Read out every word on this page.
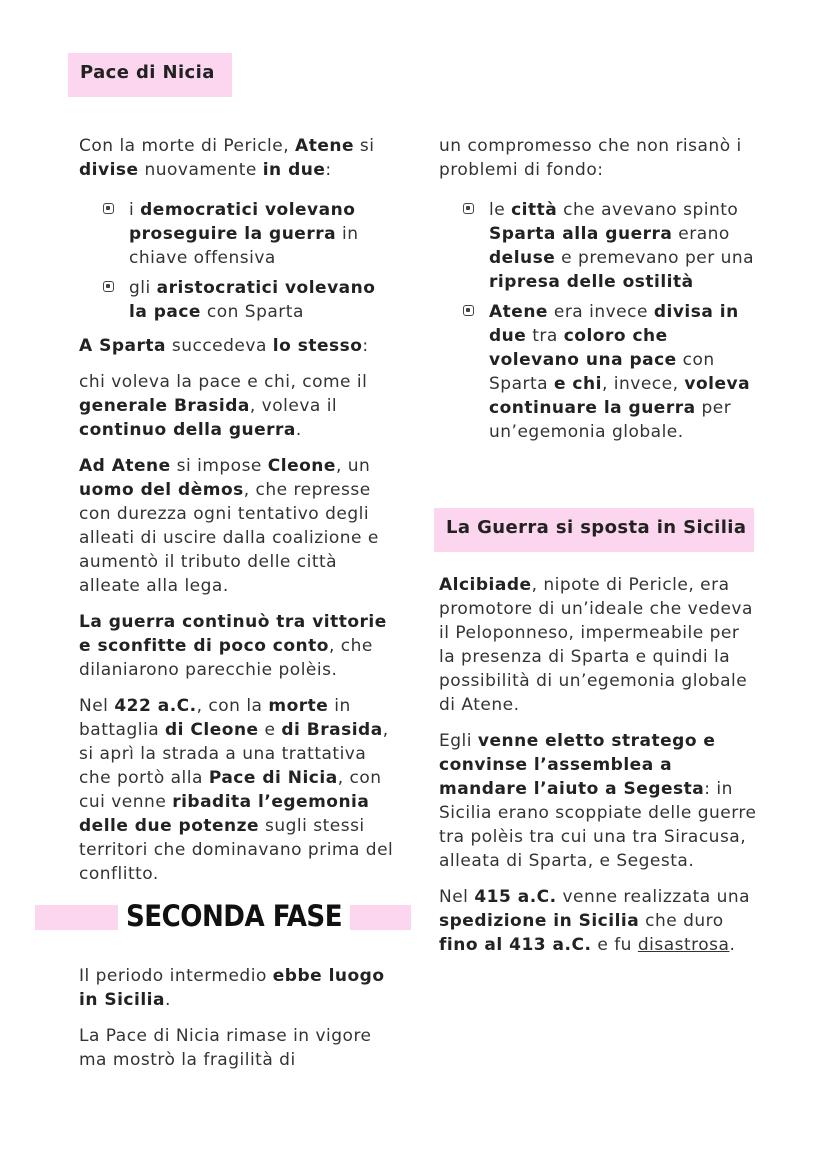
Pace di Nicia

Con la morte di Pericle, Atene si divise nuovamente in due:

i democratici volevano proseguire la guerra in chiave offensiva
gli aristocratici volevano la pace con Sparta

A Sparta succedeva lo stesso:

chi voleva la pace e chi, come il generale Brasida, voleva il continuo della guerra.

Ad Atene si impose Cleone, un uomo del dèmos, che represse con durezza ogni tentativo degli alleati di uscire dalla coalizione e aumentò il tributo delle città alleate alla lega.

La guerra continuò tra vittorie e sconfitte di poco conto, che dilaniarono parecchie polèis.

Nel 422 a.C., con la morte in battaglia di Cleone e di Brasida, si aprì la strada a una trattativa che portò alla Pace di Nicia, con cui venne ribadita l’egemonia delle due potenze sugli stessi territori che dominavano prima del conflitto.

SECONDA FASE

Il periodo intermedio ebbe luogo in Sicilia.

La Pace di Nicia rimase in vigore ma mostrò la fragilità di

un compromesso che non risanò i problemi di fondo:

le città che avevano spinto Sparta alla guerra erano deluse e premevano per una ripresa delle ostilità
Atene era invece divisa in due tra coloro che volevano una pace con Sparta e chi, invece, voleva continuare la guerra per un’egemonia globale.
La Guerra si sposta in Sicilia

Alcibiade, nipote di Pericle, era promotore di un’ideale che vedeva il Peloponneso, impermeabile per la presenza di Sparta e quindi la possibilità di un’egemonia globale di Atene.

Egli venne eletto stratego e convinse l’assemblea a mandare l’aiuto a Segesta: in Sicilia erano scoppiate delle guerre tra polèis tra cui una tra Siracusa, alleata di Sparta, e Segesta.

Nel 415 a.C. venne realizzata una spedizione in Sicilia che duro fino al 413 a.C. e fu disastrosa.
